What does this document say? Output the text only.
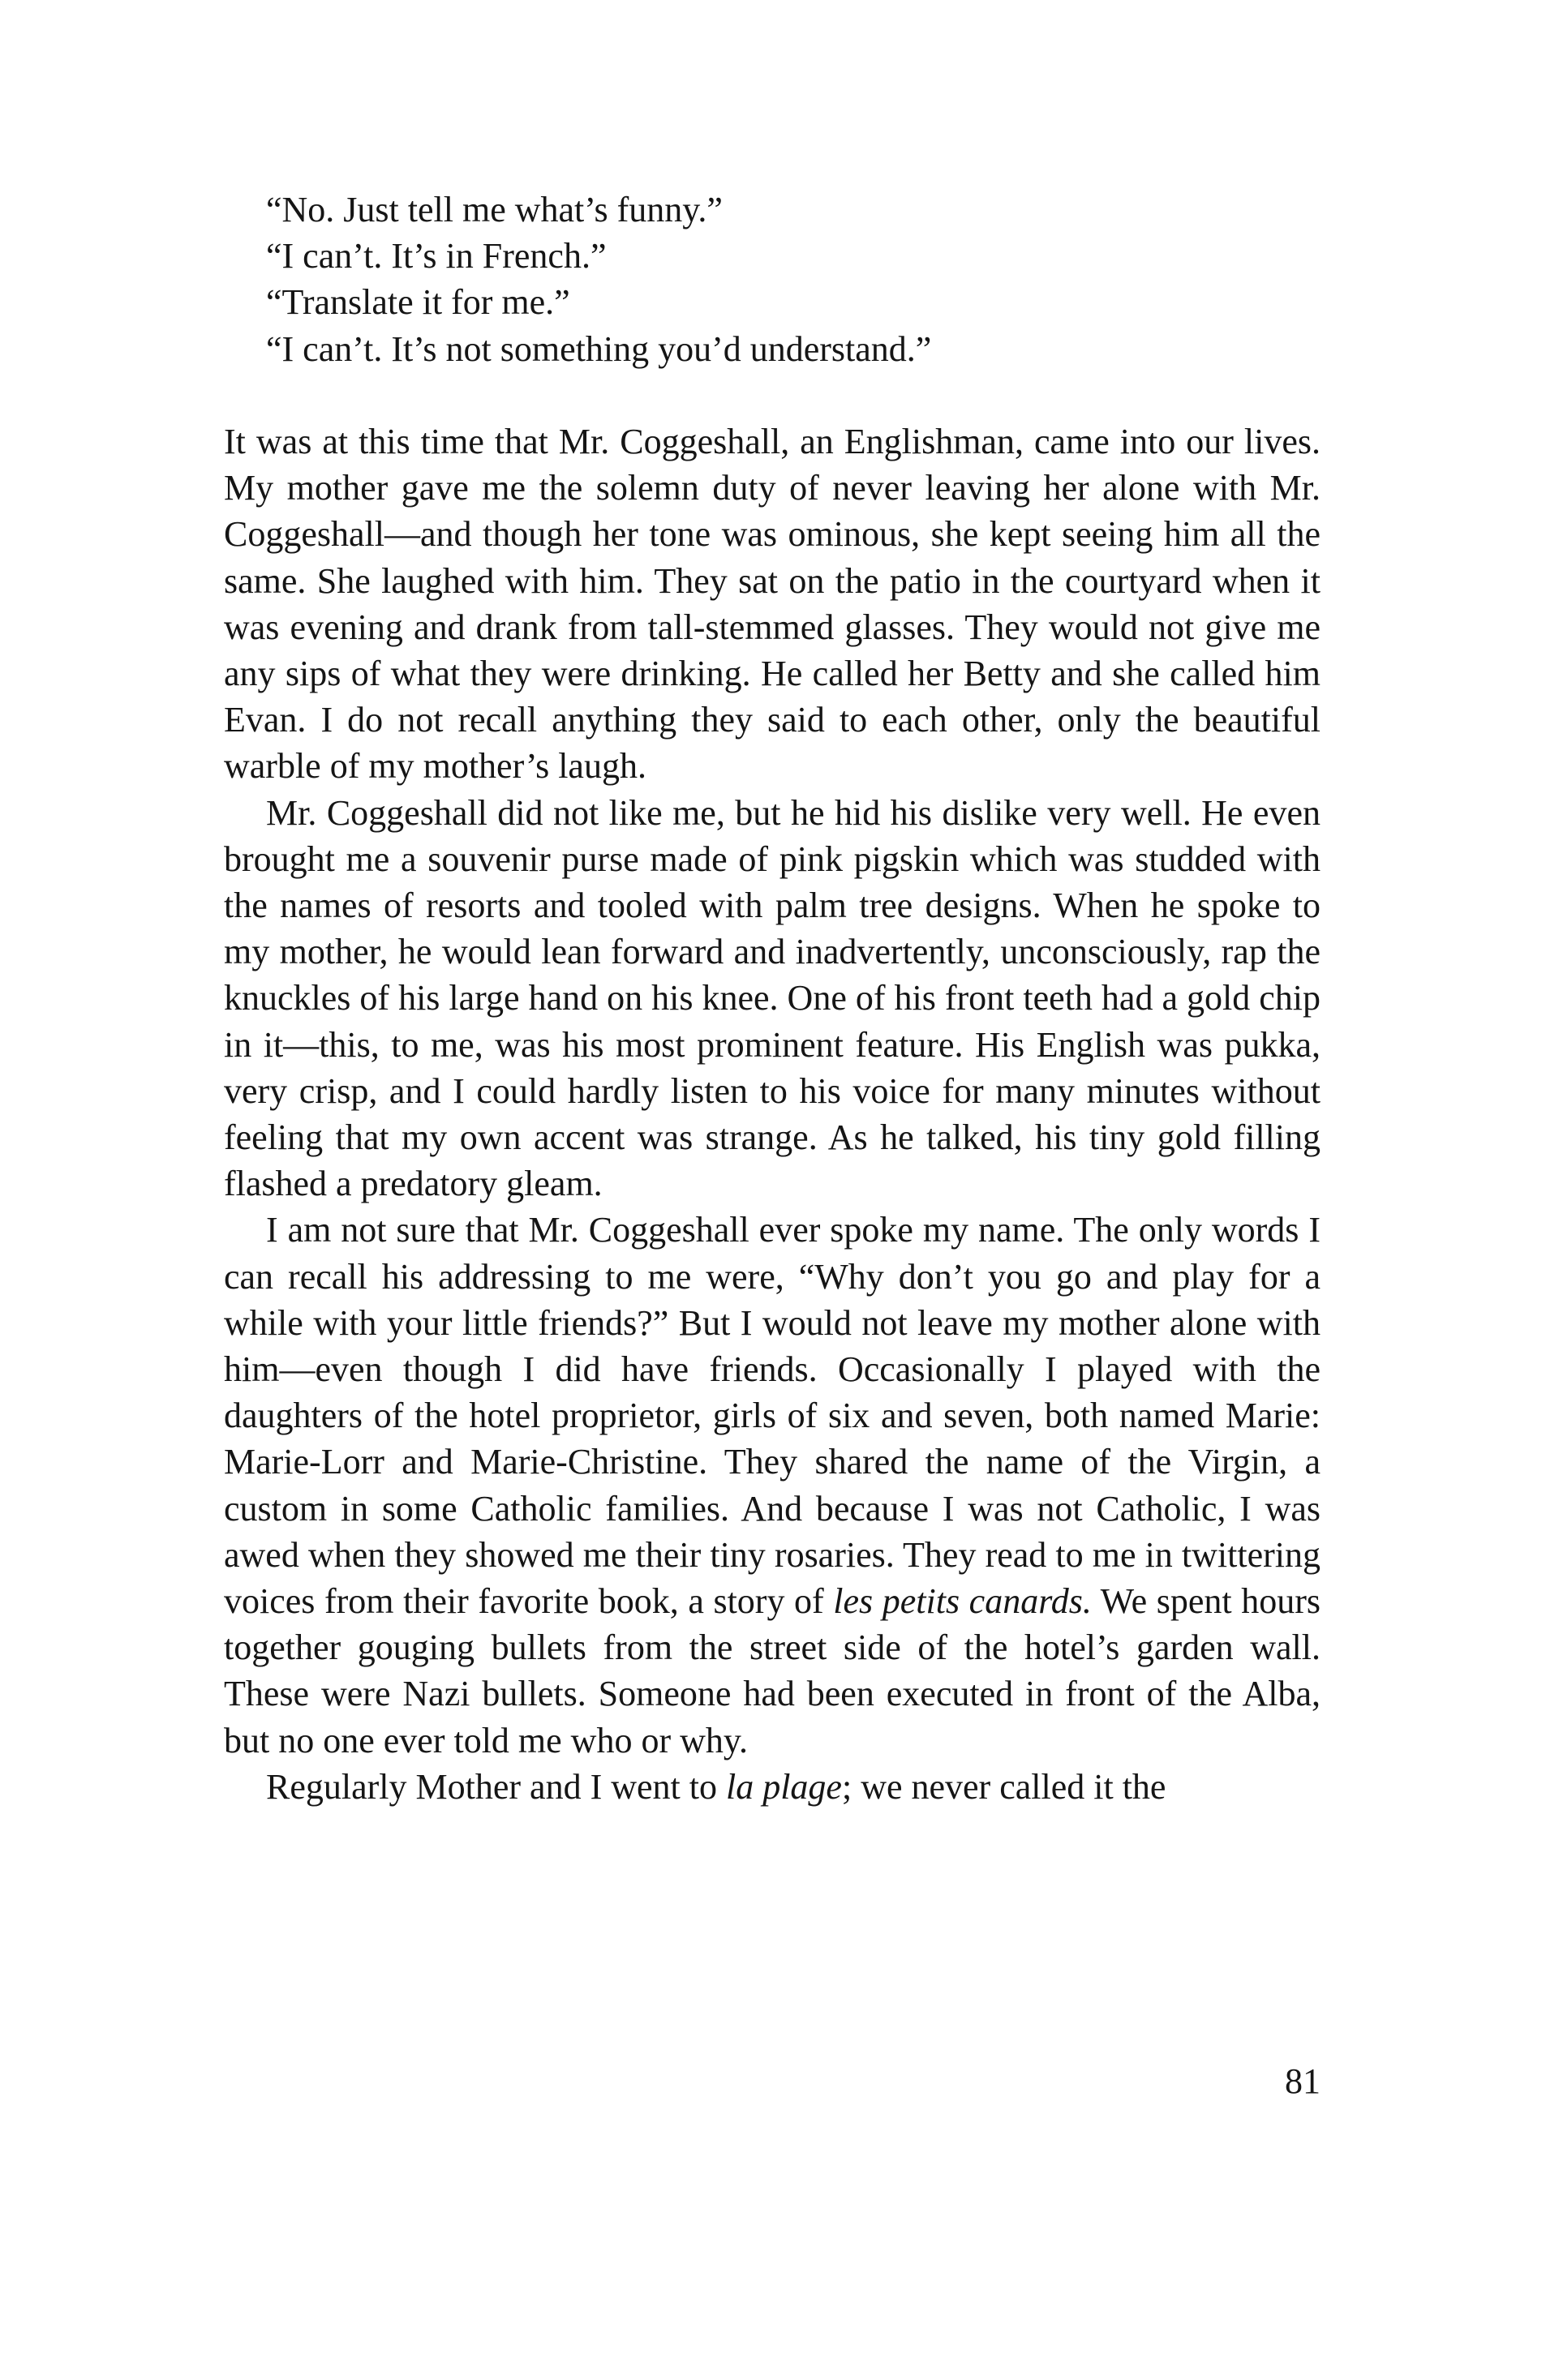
“No. Just tell me what’s funny.”

“I can’t. It’s in French.”

“Translate it for me.”

“I can’t. It’s not something you’d understand.”

It was at this time that Mr. Coggeshall, an Englishman, came into our lives. My mother gave me the solemn duty of never leaving her alone with Mr. Coggeshall—and though her tone was ominous, she kept seeing him all the same. She laughed with him. They sat on the patio in the courtyard when it was evening and drank from tall-stemmed glasses. They would not give me any sips of what they were drinking. He called her Betty and she called him Evan. I do not recall anything they said to each other, only the beautiful warble of my mother’s laugh.

Mr. Coggeshall did not like me, but he hid his dislike very well. He even brought me a souvenir purse made of pink pigskin which was studded with the names of resorts and tooled with palm tree designs. When he spoke to my mother, he would lean forward and inadvertently, unconsciously, rap the knuckles of his large hand on his knee. One of his front teeth had a gold chip in it—this, to me, was his most prominent feature. His English was pukka, very crisp, and I could hardly listen to his voice for many minutes without feeling that my own accent was strange. As he talked, his tiny gold filling flashed a predatory gleam.

I am not sure that Mr. Coggeshall ever spoke my name. The only words I can recall his addressing to me were, “Why don’t you go and play for a while with your little friends?” But I would not leave my mother alone with him—even though I did have friends. Occasionally I played with the daughters of the hotel proprietor, girls of six and seven, both named Marie: Marie-Lorr and Marie-Christine. They shared the name of the Virgin, a custom in some Catholic families. And because I was not Catholic, I was awed when they showed me their tiny rosaries. They read to me in twittering voices from their favorite book, a story of les petits canards. We spent hours together gouging bullets from the street side of the hotel’s garden wall. These were Nazi bullets. Someone had been executed in front of the Alba, but no one ever told me who or why.

Regularly Mother and I went to la plage; we never called it the

81
